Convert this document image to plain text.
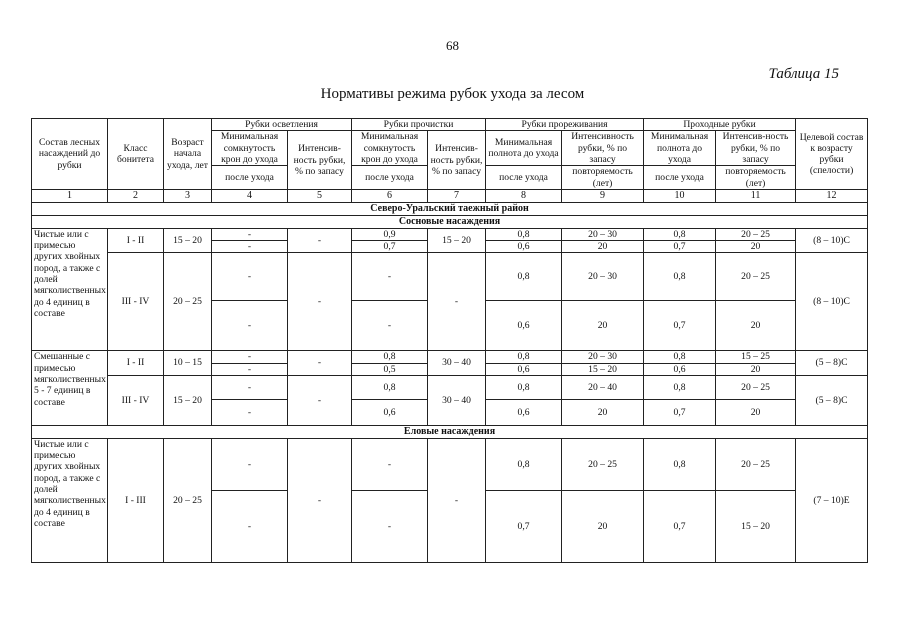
68
Таблица 15
Нормативы режима рубок ухода за лесом
Состав лесных насаждений до рубки	Класс бонитета	Возраст начала ухода, лет	Рубки осветления		Рубки прочистки		Рубки прореживания		Проходные рубки		Целевой состав к возрасту рубки (спелости)
			Минимальная сомкнутость крон до ухода	Интенсив-ность рубки, % по запасу	Минимальная сомкнутость крон до ухода	Интенсив-ность рубки, % по запасу	Минимальная полнота до ухода	Интенсивность рубки, % по запасу	Минимальная полнота до ухода	Интенсив-ность рубки, % по запасу	
			после ухода		после ухода		после ухода	повторяемость (лет)	после ухода	повторяемость (лет)	
1	2	3	4	5	6	7	8	9	10	11	12
Северо-Уральский таежный район											
Сосновые насаждения											
Чистые или с примесью других хвойных пород, а также с долей мягколиственных до 4 единиц в составе	I - II	15 – 20	-	-	0,9	15 – 20	0,8	20 – 30	0,8	20 – 25	(8 – 10)С
			-		0,7		0,6	20	0,7	20	
	III - IV	20 – 25	-	-	-	-	0,8	20 – 30	0,8	20 – 25	(8 – 10)С
			-		-		0,6	20	0,7	20	
Смешанные с примесью мягколиственных 5 - 7 единиц в составе	I - II	10 – 15	-	-	0,8	30 – 40	0,8	20 – 30	0,8	15 – 25	(5 – 8)С
			-		0,5		0,6	15 – 20	0,6	20	
	III - IV	15 – 20	-	-	0,8	30 – 40	0,8	20 – 40	0,8	20 – 25	(5 – 8)С
			-		0,6		0,6	20	0,7	20	
Еловые насаждения											
Чистые или с примесью других хвойных пород, а также с долей мягколиственных до 4 единиц в составе	I - III	20 – 25	-	-	-	-	0,8	20 – 25	0,8	20 – 25	(7 – 10)Е
			-		-		0,7	20	0,7	15 – 20	
